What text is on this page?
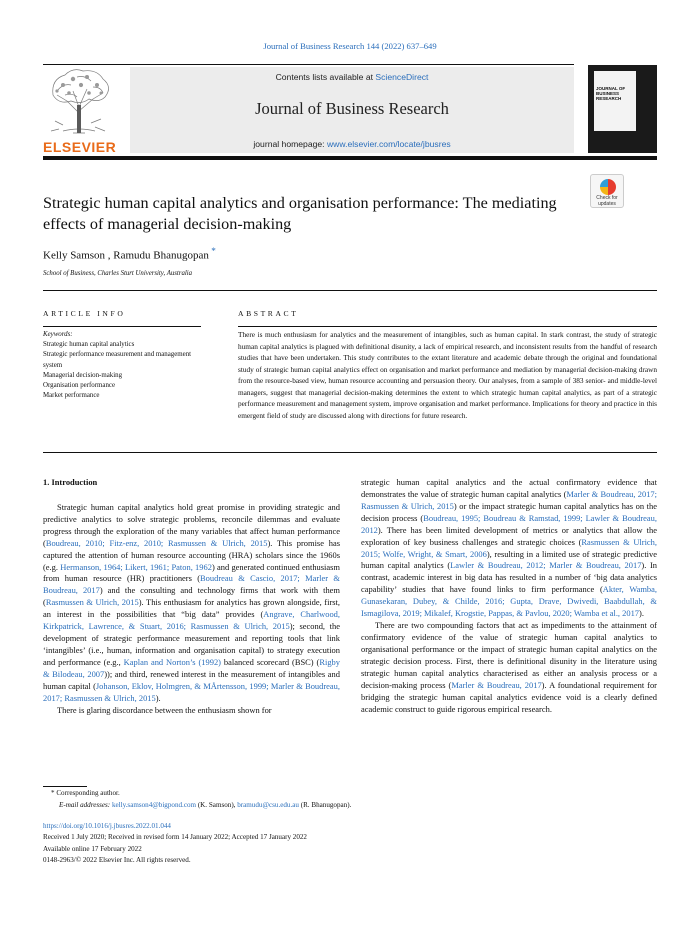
Journal of Business Research 144 (2022) 637–649
ELSEVIER
Contents lists available at ScienceDirect
Journal of Business Research
journal homepage: www.elsevier.com/locate/jbusres
JOURNAL OF BUSINESS RESEARCH
Strategic human capital analytics and organisation performance: The mediating effects of managerial decision-making
Check for updates
Kelly Samson , Ramudu Bhanugopan *
School of Business, Charles Sturt University, Australia
ARTICLE INFO	ABSTRACT
Keywords:
Strategic human capital analytics
Strategic performance measurement and management system
Managerial decision-making
Organisation performance
Market performance
There is much enthusiasm for analytics and the measurement of intangibles, such as human capital. In stark contrast, the study of strategic human capital analytics is plagued with definitional disunity, a lack of empirical research, and inconsistent results from the handful of research studies that have been undertaken. This study contributes to the extant literature and academic debate through the original and foundational study of strategic human capital analytics effect on organisation and market performance and mediation by managerial decision-making drawn from the resource-based view, human resource accounting and persuasion theory. Our analyses, from a sample of 383 senior- and middle-level managers, suggest that managerial decision-making determines the extent to which strategic human capital analytics, as part of a strategic performance measurement and management system, improve organisation and market performance. Implications for theory and practice in this emergent field of study are discussed along with directions for future research.
1. Introduction

Strategic human capital analytics hold great promise in providing strategic and predictive analytics to solve strategic problems, reconcile dilemmas and evaluate progress through the exploration of the many variables that affect human performance (Boudreau, 2010; Fitz-enz, 2010; Rasmussen & Ulrich, 2015). This promise has captured the attention of human resource accounting (HRA) scholars since the 1960s (e.g. Hermanson, 1964; Likert, 1961; Paton, 1962) and generated continued enthusiasm from human resource (HR) practitioners (Boudreau & Cascio, 2017; Marler & Boudreau, 2017) and the consulting and technology firms that work with them (Rasmussen & Ulrich, 2015). This enthusiasm for analytics has grown alongside, first, an interest in the possibilities that “big data” provides (Angrave, Charlwood, Kirkpatrick, Lawrence, & Stuart, 2016; Rasmussen & Ulrich, 2015); second, the development of strategic performance measurement and reporting tools that link ‘intangibles’ (i.e., human, information and organisation capital) to strategy execution and performance (e.g., Kaplan and Norton’s (1992) balanced scorecard (BSC) (Rigby & Bilodeau, 2007)); and third, renewed interest in the measurement of intangibles and human capital (Johanson, Eklov, Holmgren, & MÅrtensson, 1999; Marler & Boudreau, 2017; Rasmussen & Ulrich, 2015).

There is glaring discordance between the enthusiasm shown for

strategic human capital analytics and the actual confirmatory evidence that demonstrates the value of strategic human capital analytics (Marler & Boudreau, 2017; Rasmussen & Ulrich, 2015) or the impact strategic human capital analytics has on the decision process (Boudreau, 1995; Boudreau & Ramstad, 1999; Lawler & Boudreau, 2012). There has been limited development of metrics or analytics that allow the exploration of key business challenges and strategic choices (Rasmussen & Ulrich, 2015; Wolfe, Wright, & Smart, 2006), resulting in a limited use of strategic predictive human capital analytics (Lawler & Boudreau, 2012; Marler & Boudreau, 2017). In contrast, academic interest in big data has resulted in a number of ‘big data analytics capability’ studies that have found links to firm performance (Akter, Wamba, Gunasekaran, Dubey, & Childe, 2016; Gupta, Drave, Dwivedi, Baabdullah, & Ismagilova, 2019; Mikalef, Krogstie, Pappas, & Pavlou, 2020; Wamba et al., 2017).

There are two compounding factors that act as impediments to the attainment of confirmatory evidence of the value of strategic human capital analytics to organisational performance or the impact of strategic human capital analytics on the strategic decision process. First, there is definitional disunity in the literature using strategic human capital analytics characterised as either an analysis process or a decision-making process (Marler & Boudreau, 2017). A foundational requirement for bridging the strategic human capital analytics evidence void is a clearly defined academic construct to guide rigorous empirical research.

* Corresponding author.
E-mail addresses: kelly.samson4@bigpond.com (K. Samson), bramudu@csu.edu.au (R. Bhanugopan).
https://doi.org/10.1016/j.jbusres.2022.01.044
Received 1 July 2020; Received in revised form 14 January 2022; Accepted 17 January 2022
Available online 17 February 2022
0148-2963/© 2022 Elsevier Inc. All rights reserved.
